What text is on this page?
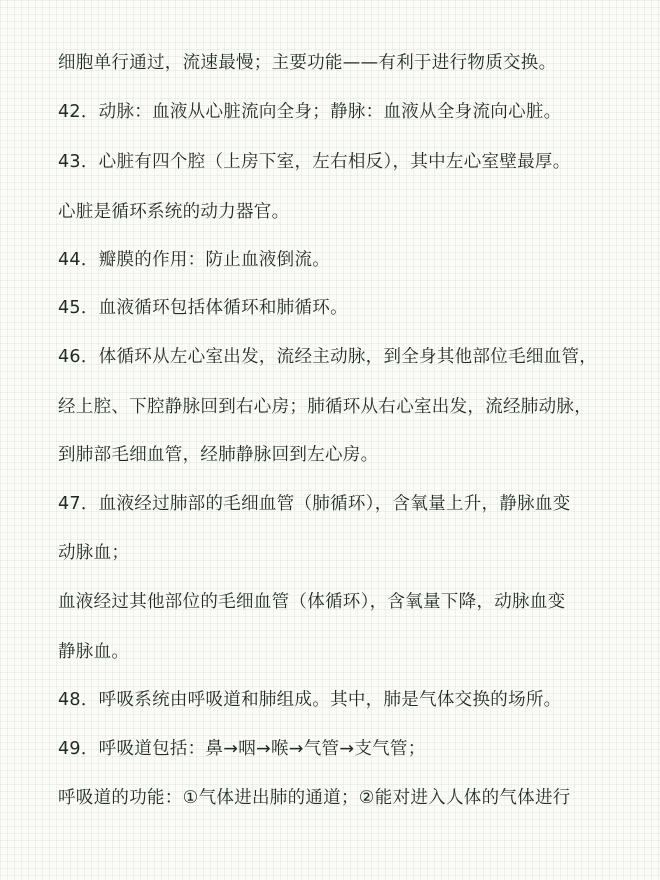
细胞单行通过，流速最慢；主要功能——有利于进行物质交换。
42．动脉：血液从心脏流向全身；静脉：血液从全身流向心脏。
43．心脏有四个腔（上房下室，左右相反），其中左心室壁最厚。
心脏是循环系统的动力器官。
44．瓣膜的作用：防止血液倒流。
45．血液循环包括体循环和肺循环。
46．体循环从左心室出发，流经主动脉，到全身其他部位毛细血管，
经上腔、下腔静脉回到右心房；肺循环从右心室出发，流经肺动脉，
到肺部毛细血管，经肺静脉回到左心房。
47．血液经过肺部的毛细血管（肺循环），含氧量上升，静脉血变
动脉血；
血液经过其他部位的毛细血管（体循环），含氧量下降，动脉血变
静脉血。
48．呼吸系统由呼吸道和肺组成。其中，肺是气体交换的场所。
49．呼吸道包括：鼻→咽→喉→气管→支气管；
呼吸道的功能：①气体进出肺的通道；②能对进入人体的气体进行
